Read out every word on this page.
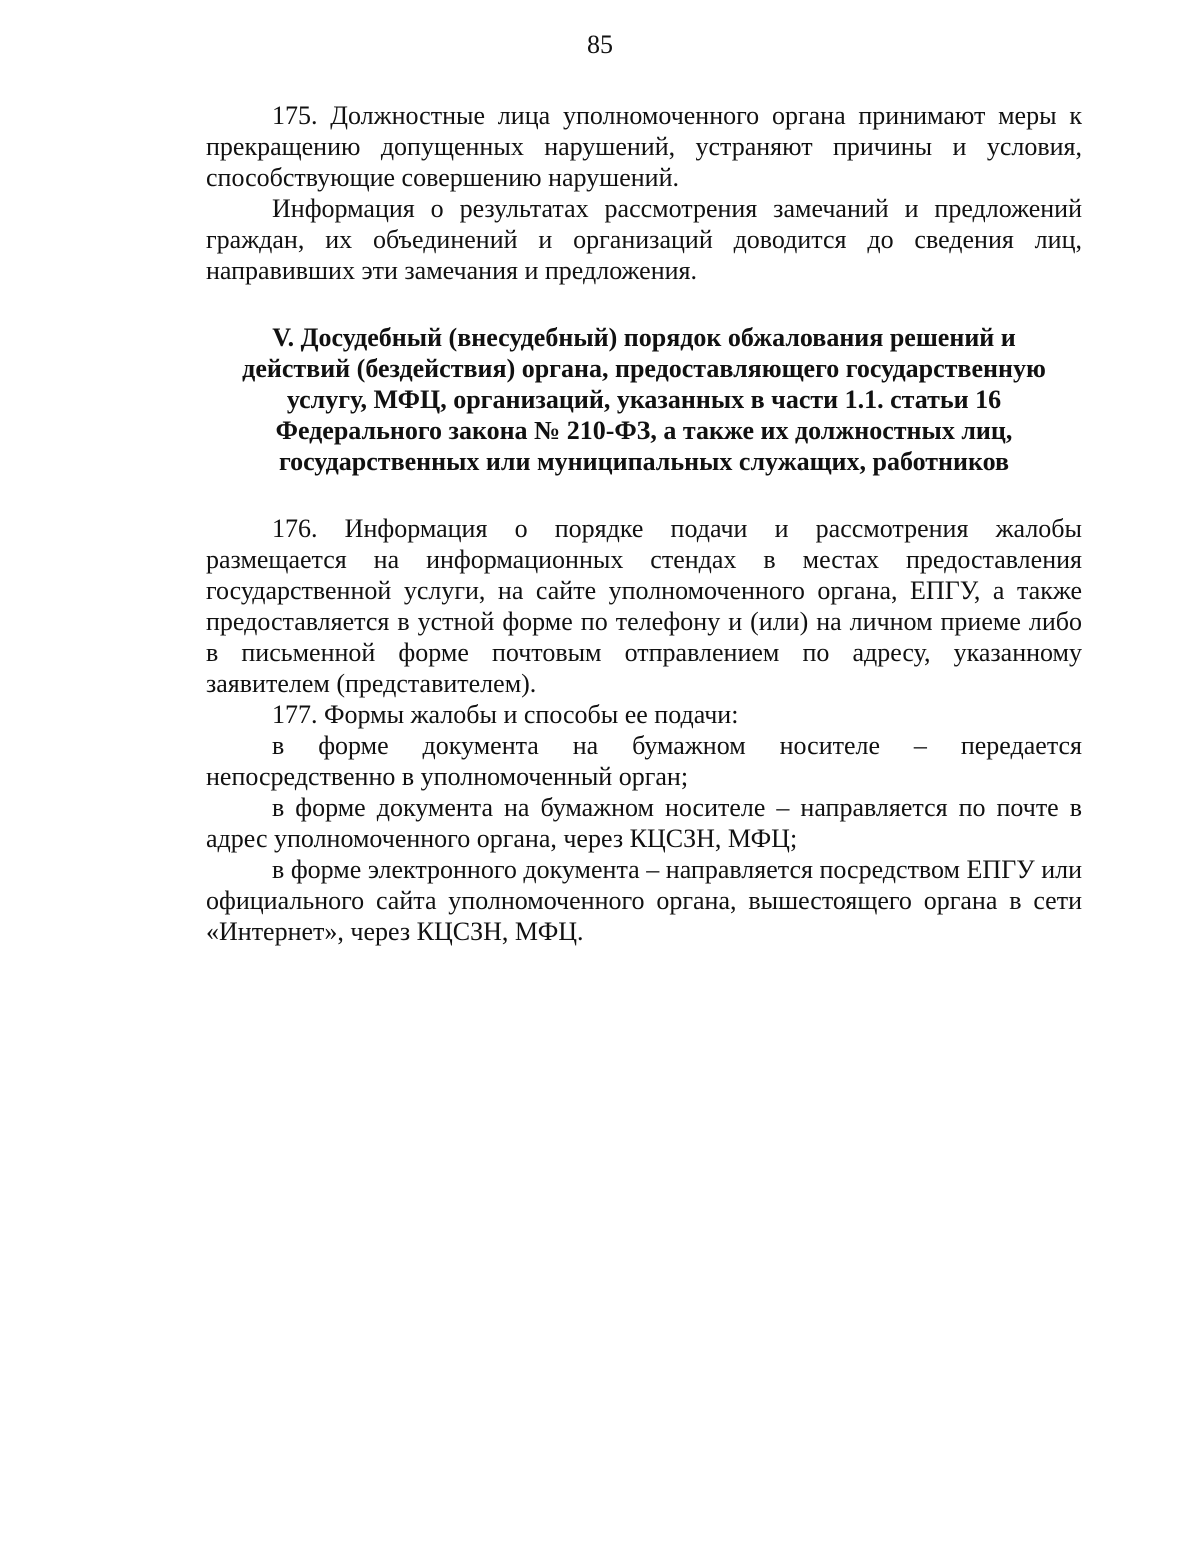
85

175. Должностные лица уполномоченного органа принимают меры к прекращению допущенных нарушений, устраняют причины и условия, способствующие совершению нарушений.

Информация о результатах рассмотрения замечаний и предложений граждан, их объединений и организаций доводится до сведения лиц, направивших эти замечания и предложения.

V. Досудебный (внесудебный) порядок обжалования решений и действий (бездействия) органа, предоставляющего государственную услугу, МФЦ, организаций, указанных в части 1.1. статьи 16 Федерального закона № 210-ФЗ, а также их должностных лиц, государственных или муниципальных служащих, работников

176. Информация о порядке подачи и рассмотрения жалобы размещается на информационных стендах в местах предоставления государственной услуги, на сайте уполномоченного органа, ЕПГУ, а также предоставляется в устной форме по телефону и (или) на личном приеме либо в письменной форме почтовым отправлением по адресу, указанному заявителем (представителем).

177. Формы жалобы и способы ее подачи:

в форме документа на бумажном носителе – передается непосредственно в уполномоченный орган;

в форме документа на бумажном носителе – направляется по почте в адрес уполномоченного органа, через КЦСЗН, МФЦ;

в форме электронного документа – направляется посредством ЕПГУ или официального сайта уполномоченного органа, вышестоящего органа в сети «Интернет», через КЦСЗН, МФЦ.
